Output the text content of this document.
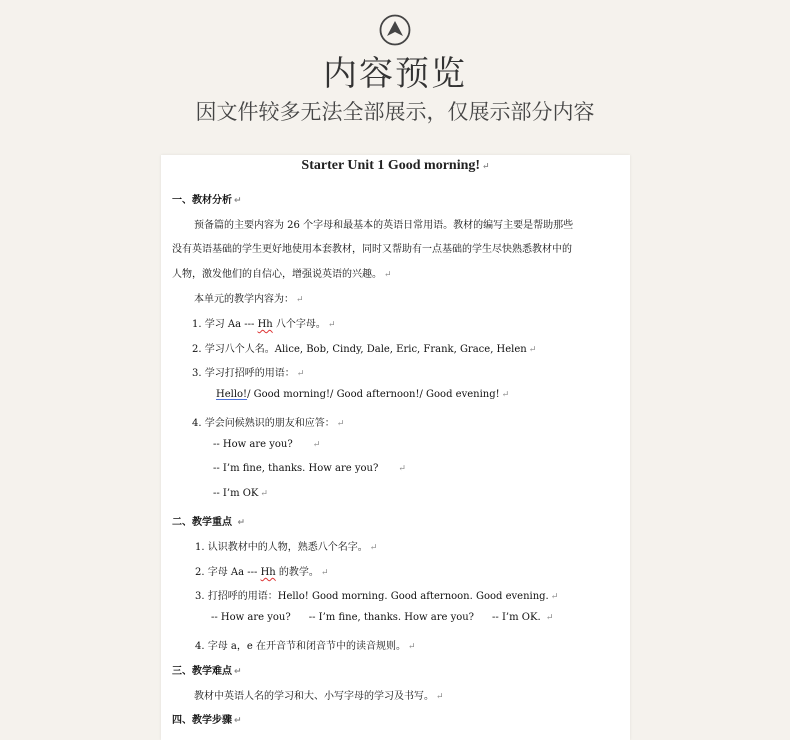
内容预览
因文件较多无法全部展示，仅展示部分内容
Starter Unit 1 Good morning! ↵
一、教材分析 ↵
预备篇的主要内容为 26 个字母和最基本的英语日常用语。教材的编写主要是帮助那些
没有英语基础的学生更好地使用本套教材，同时又帮助有一点基础的学生尽快熟悉教材中的
人物，激发他们的自信心，增强说英语的兴趣。 ↵
本单元的教学内容为： ↵
1. 学习 Aa --- Hh 八个字母。 ↵
2. 学习八个人名。Alice, Bob, Cindy, Dale, Eric, Frank, Grace, Helen ↵
3. 学习打招呼的用语： ↵
Hello!/ Good morning!/ Good afternoon!/ Good evening! ↵
4. 学会问候熟识的朋友和应答： ↵
-- How are you? ↵
-- I’m fine, thanks. How are you? ↵
-- I’m OK ↵
二、教学重点 ↵
1. 认识教材中的人物，熟悉八个名字。 ↵
2. 字母 Aa --- Hh 的教学。 ↵
3. 打招呼的用语：Hello! Good morning. Good afternoon. Good evening. ↵
-- How are you? -- I’m fine, thanks. How are you? -- I’m OK. ↵
4. 字母 a，e 在开音节和闭音节中的读音规则。 ↵
三、教学难点 ↵
教材中英语人名的学习和大、小写字母的学习及书写。 ↵
四、教学步骤 ↵
